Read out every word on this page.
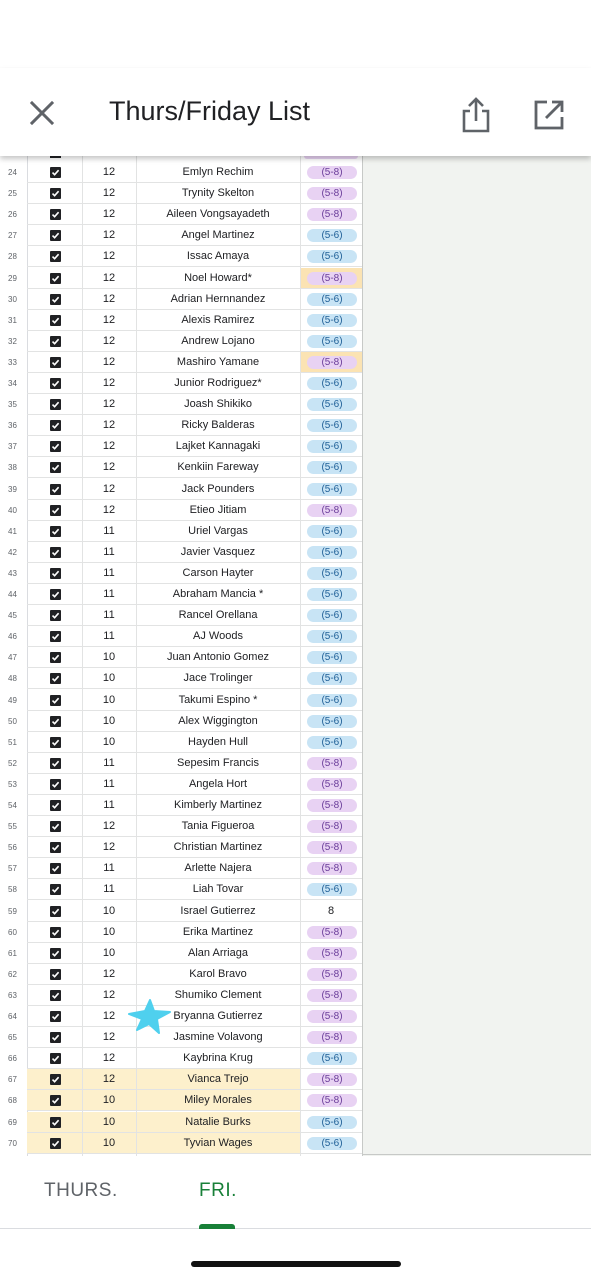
Thurs/Friday List
24	12	Emlyn Rechim	(5-8)
25	12	Trynity Skelton	(5-8)
26	12	Aileen Vongsayadeth	(5-8)
27	12	Angel Martinez	(5-6)
28	12	Issac Amaya	(5-6)
29	12	Noel Howard*	(5-8)
30	12	Adrian Hernnandez	(5-6)
31	12	Alexis Ramirez	(5-6)
32	12	Andrew Lojano	(5-6)
33	12	Mashiro Yamane	(5-8)
34	12	Junior Rodriguez*	(5-6)
35	12	Joash Shikiko	(5-6)
36	12	Ricky Balderas	(5-6)
37	12	Lajket Kannagaki	(5-6)
38	12	Kenkiin Fareway	(5-6)
39	12	Jack Pounders	(5-6)
40	12	Etieo Jitiam	(5-8)
41	11	Uriel Vargas	(5-6)
42	11	Javier Vasquez	(5-6)
43	11	Carson Hayter	(5-6)
44	11	Abraham Mancia *	(5-6)
45	11	Rancel Orellana	(5-6)
46	11	AJ Woods	(5-6)
47	10	Juan Antonio Gomez	(5-6)
48	10	Jace Trolinger	(5-6)
49	10	Takumi Espino *	(5-6)
50	10	Alex Wiggington	(5-6)
51	10	Hayden Hull	(5-6)
52	11	Sepesim Francis	(5-8)
53	11	Angela Hort	(5-8)
54	11	Kimberly Martinez	(5-8)
55	12	Tania Figueroa	(5-8)
56	12	Christian Martinez	(5-8)
57	11	Arlette Najera	(5-8)
58	11	Liah Tovar	(5-6)
59	10	Israel Gutierrez	8
60	10	Erika Martinez	(5-8)
61	10	Alan Arriaga	(5-8)
62	12	Karol Bravo	(5-8)
63	12	Shumiko Clement	(5-8)
64	12	Bryanna Gutierrez	(5-8)
65	12	Jasmine Volavong	(5-8)
66	12	Kaybrina Krug	(5-6)
67	12	Vianca Trejo	(5-8)
68	10	Miley Morales	(5-8)
69	10	Natalie Burks	(5-6)
70	10	Tyvian Wages	(5-6)
THURS.	FRI.
